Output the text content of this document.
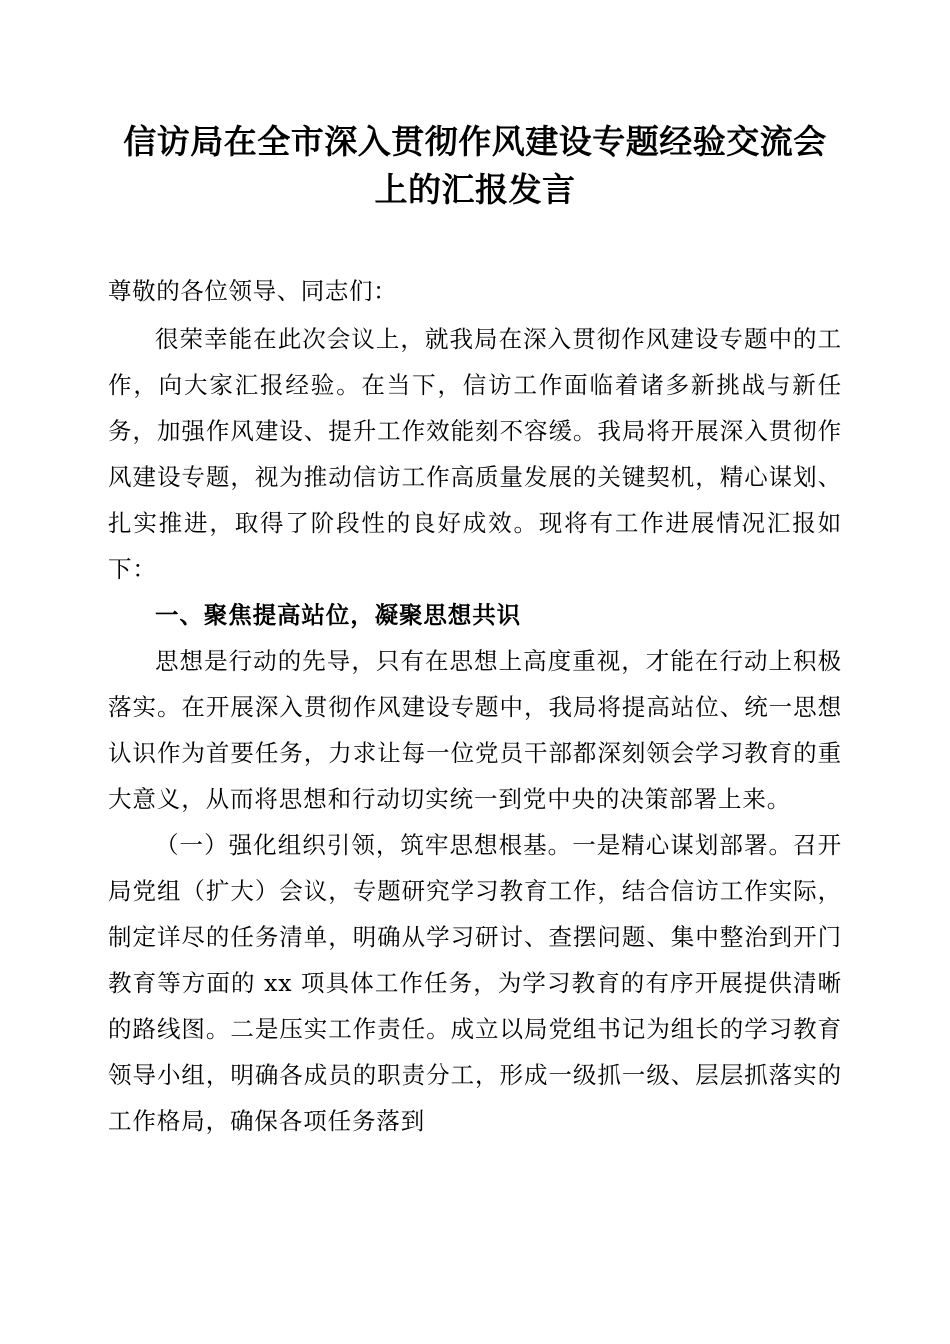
信访局在全市深入贯彻作风建设专题经验交流会上的汇报发言
尊敬的各位领导、同志们：

很荣幸能在此次会议上，就我局在深入贯彻作风建设专题中的工作，向大家汇报经验。在当下，信访工作面临着诸多新挑战与新任务，加强作风建设、提升工作效能刻不容缓。我局将开展深入贯彻作风建设专题，视为推动信访工作高质量发展的关键契机，精心谋划、扎实推进，取得了阶段性的良好成效。现将有工作进展情况汇报如下：

一、聚焦提高站位，凝聚思想共识

思想是行动的先导，只有在思想上高度重视，才能在行动上积极落实。在开展深入贯彻作风建设专题中，我局将提高站位、统一思想认识作为首要任务，力求让每一位党员干部都深刻领会学习教育的重大意义，从而将思想和行动切实统一到党中央的决策部署上来。

（一）强化组织引领，筑牢思想根基。一是精心谋划部署。召开局党组（扩大）会议，专题研究学习教育工作，结合信访工作实际，制定详尽的任务清单，明确从学习研讨、查摆问题、集中整治到开门教育等方面的 xx 项具体工作任务，为学习教育的有序开展提供清晰的路线图。二是压实工作责任。成立以局党组书记为组长的学习教育领导小组，明确各成员的职责分工，形成一级抓一级、层层抓落实的工作格局，确保各项任务落到
